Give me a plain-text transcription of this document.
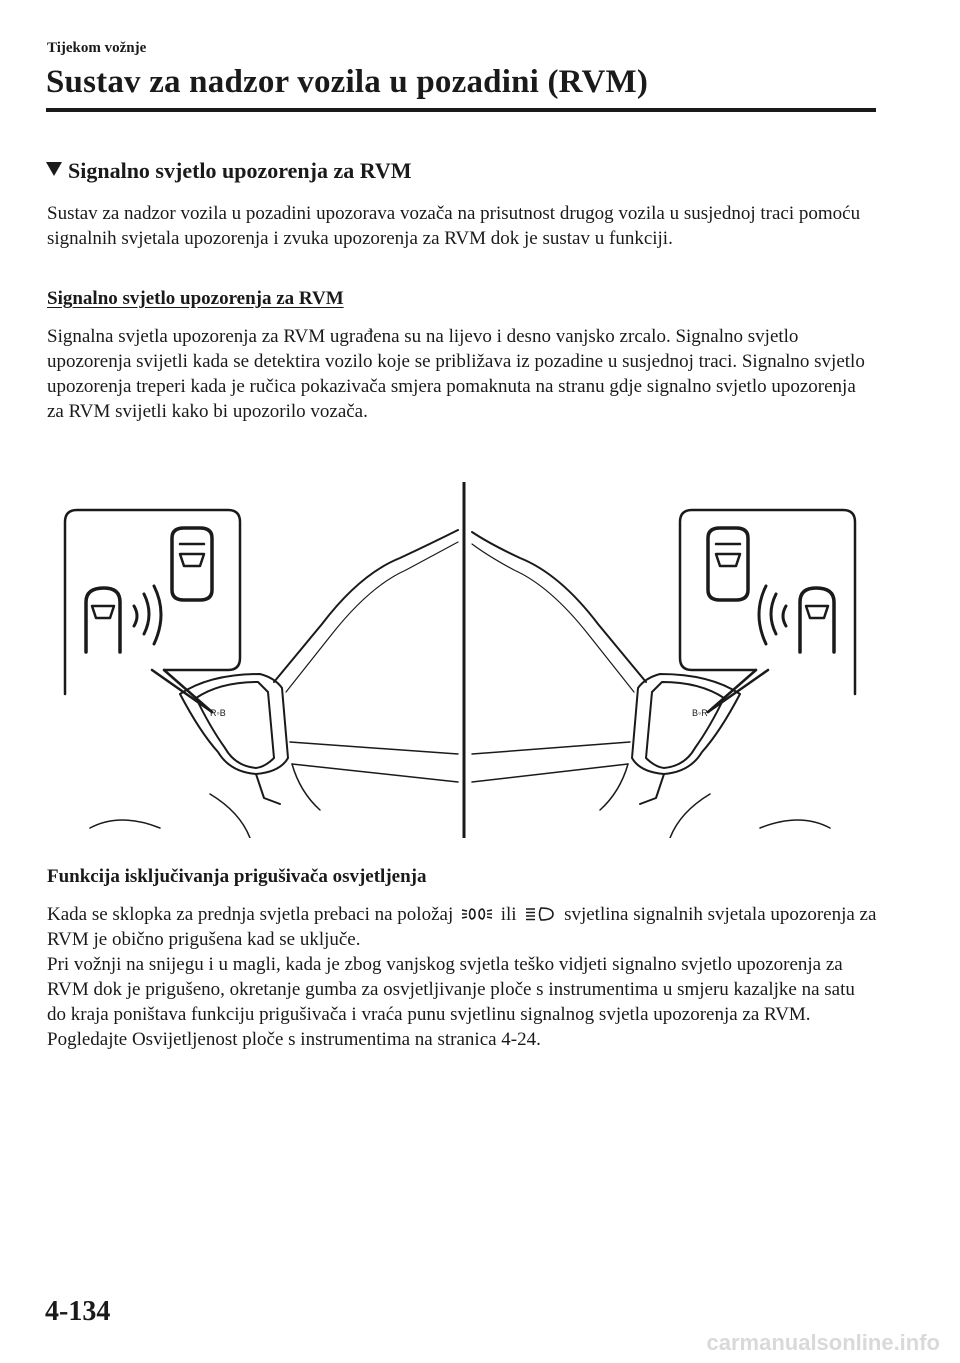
Tijekom vožnje
Sustav za nadzor vozila u pozadini (RVM)
Signalno svjetlo upozorenja za RVM
Sustav za nadzor vozila u pozadini upozorava vozača na prisutnost drugog vozila u susjednoj traci pomoću signalnih svjetala upozorenja i zvuka upozorenja za RVM dok je sustav u funkciji.
Signalno svjetlo upozorenja za RVM
Signalna svjetla upozorenja za RVM ugrađena su na lijevo i desno vanjsko zrcalo. Signalno svjetlo upozorenja svijetli kada se detektira vozilo koje se približava iz pozadine u susjednoj traci. Signalno svjetlo upozorenja treperi kada je ručica pokazivača smjera pomaknuta na stranu gdje signalno svjetlo upozorenja za RVM svijetli kako bi upozorilo vozača.
R◦B	B◦R
Funkcija isključivanja prigušivača osvjetljenja
Kada se sklopka za prednja svjetla prebaci na položaj	ili	svjetlina signalnih svjetala upozorenja za RVM je obično prigušena kad se uključe.
Pri vožnji na snijegu i u magli, kada je zbog vanjskog svjetla teško vidjeti signalno svjetlo upozorenja za RVM dok je prigušeno, okretanje gumba za osvjetljivanje ploče s instrumentima u smjeru kazaljke na satu do kraja poništava funkciju prigušivača i vraća punu svjetlinu signalnog svjetla upozorenja za RVM.
Pogledajte Osvijetljenost ploče s instrumentima na stranica 4-24.
4-134
carmanualsonline.info
